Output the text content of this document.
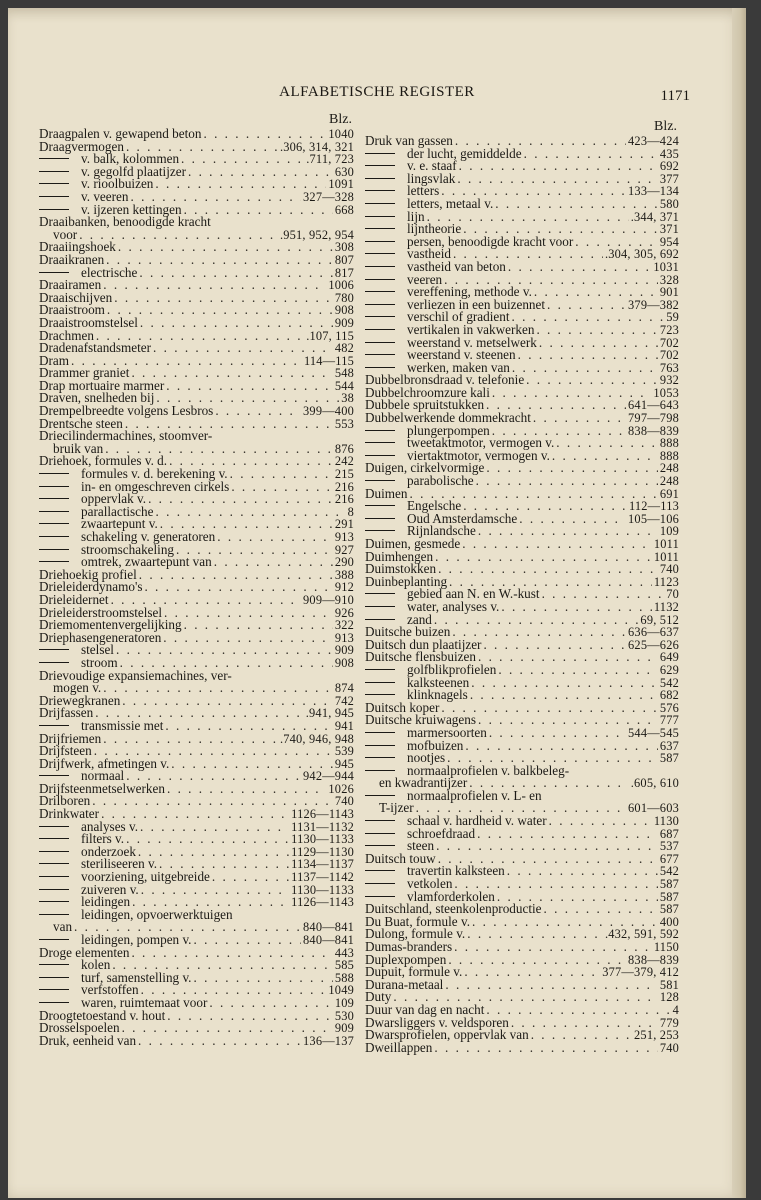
ALFABETISCHE REGISTER	1171
Blz.
Draagpalen v. gewapend beton . . .	1040
Draagvermogen . . .	.306, 314, 321
v. balk, kolommen . . .	.711, 723
v. gegolfd plaatijzer . . .	630
v. rioolbuizen . . .	1091
v. veeren . . .	327—328
v. ijzeren kettingen . . .	668
Draaibanken, benoodigde kracht
voor . . .	.951, 952, 954
Draaiingshoek . . .	308
Draaikranen . . .	807
electrische . . .	817
Draairamen . . .	1006
Draaischijven . . .	780
Draaistroom . . .	908
Draaistroomstelsel . . .	909
Drachmen . . .	.107, 115
Dradenafstandsmeter . . .	482
Dram . . .	114—115
Drammer graniet . . .	548
Drap mortuaire marmer . . .	544
Draven, snelheden bij . . .	38
Drempelbreedte volgens Lesbros . . .	399—400
Drentsche steen . . .	553
Driecilindermachines, stoomver-
bruik van . . .	876
Driehoek, formules v. d. . . .	242
formules v. d. berekening v. . . .	215
in- en omgeschreven cirkels . . .	216
oppervlak v. . . .	216
parallactische . . .	8
zwaartepunt v. . . .	291
schakeling v. generatoren . . .	913
stroomschakeling . . .	927
omtrek, zwaartepunt van . . .	290
Driehoekig profiel . . .	388
Drieleiderdynamo's . . .	912
Drieleidernet . . .	909—910
Drieleiderstroomstelsel . . .	926
Driemomentenvergelijking . . .	322
Driephasengeneratoren . . .	913
stelsel . . .	909
stroom . . .	908
Drievoudige expansiemachines, ver-
mogen v. . . .	874
Driewegkranen . . .	742
Drijfassen . . .	.941, 945
transmissie met . . .	941
Drijfriemen . . .	.740, 946, 948
Drijfsteen . . .	539
Drijfwerk, afmetingen v. . . .	945
normaal . . .	942—944
Drijfsteenmetselwerken . . .	1026
Drilboren . . .	740
Drinkwater . . .	1126—1143
analyses v. . . .	1131—1132
filters v. . . .	1130—1133
onderzoek . . .	1129—1130
steriliseeren v. . . .	1134—1137
voorziening, uitgebreide . . .	1137—1142
zuiveren v. . . .	1130—1133
leidingen . . .	1126—1143
leidingen, opvoerwerktuigen
van . . .	840—841
leidingen, pompen v. . . .	840—841
Droge elementen . . .	443
kolen . . .	585
turf, samenstelling v. . . .	588
verfstoffen . . .	1049
waren, ruimtemaat voor . . .	109
Droogtetoestand v. hout . . .	530
Drosselspoelen . . .	909
Druk, eenheid van . . .	136—137
Blz.
Druk van gassen . . .	423—424
der lucht, gemiddelde . . .	435
v. e. staaf . . .	692
lingsvlak . . .	377
letters . . .	133—134
letters, metaal v. . . .	580
lijn . . .	.344, 371
lijntheorie . . .	371
persen, benoodigde kracht voor . . .	954
vastheid . . .	.304, 305, 692
vastheid van beton . . .	1031
veeren . . .	328
vereffening, methode v. . . .	901
verliezen in een buizennet . . .	379—382
verschil of gradient . . .	59
vertikalen in vakwerken . . .	723
weerstand v. metselwerk . . .	702
weerstand v. steenen . . .	702
werken, maken van . . .	763
Dubbelbronsdraad v. telefonie . . .	932
Dubbelchroomzure kali . . .	1053
Dubbele spruitstukken . . .	641—643
Dubbelwerkende dommekracht . . .	797—798
plungerpompen . . .	838—839
tweetaktmotor, vermogen v. . . .	888
viertaktmotor, vermogen v. . . .	888
Duigen, cirkelvormige . . .	248
parabolische . . .	248
Duimen . . .	691
Engelsche . . .	112—113
Oud Amsterdamsche . . .	105—106
Rijnlandsche . . .	109
Duimen, gesmede . . .	1011
Duimhengen . . .	1011
Duimstokken . . .	740
Duinbeplanting . . .	1123
gebied aan N. en W.-kust . . .	70
water, analyses v. . . .	1132
zand . . .	69, 512
Duitsche buizen . . .	636—637
Duitsch dun plaatijzer . . .	625—626
Duitsche flensbuizen . . .	649
golfblikprofielen . . .	629
kalksteenen . . .	542
klinknagels . . .	682
Duitsch koper . . .	576
Duitsche kruiwagens . . .	777
marmersoorten . . .	544—545
mofbuizen . . .	637
nootjes . . .	587
normaalprofielen v. balkbeleg-
en kwadrantijzer . . .	.605, 610
normaalprofielen v. L- en
T-ijzer . . .	601—603
schaal v. hardheid v. water . . .	1130
schroefdraad . . .	687
steen . . .	537
Duitsch touw . . .	677
travertin kalksteen . . .	542
vetkolen . . .	587
vlamforderkolen . . .	587
Duitschland, steenkolenproductie . . .	587
Du Buat, formule v. . . .	400
Dulong, formule v. . . .	.432, 591, 592
Dumas-branders . . .	1150
Duplexpompen . . .	838—839
Dupuit, formule v. . . .	377—379, 412
Durana-metaal . . .	581
Duty . . .	128
Duur van dag en nacht . . .	4
Dwarsliggers v. veldsporen . . .	779
Dwarsprofielen, oppervlak van . . .	251, 253
Dweillappen . . .	740
